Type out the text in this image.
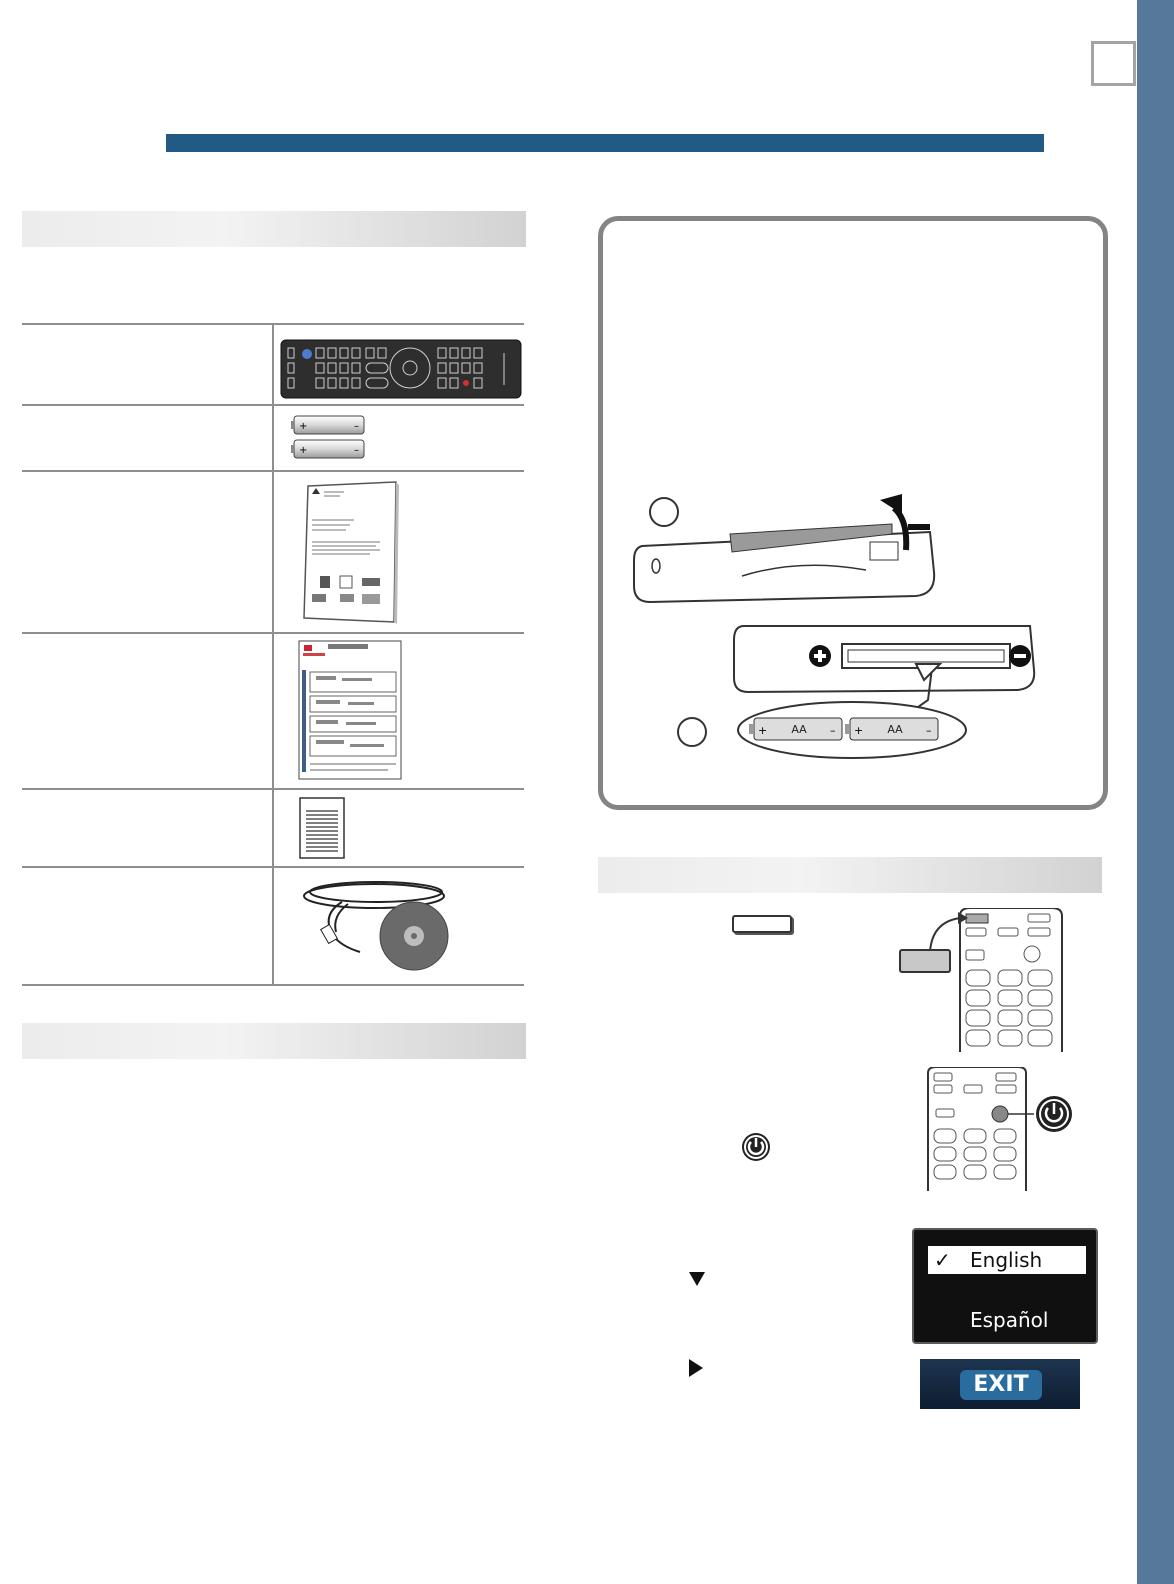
+	–
+	–
+	– +	–
AA	AA
✓ English
Español
EXIT
